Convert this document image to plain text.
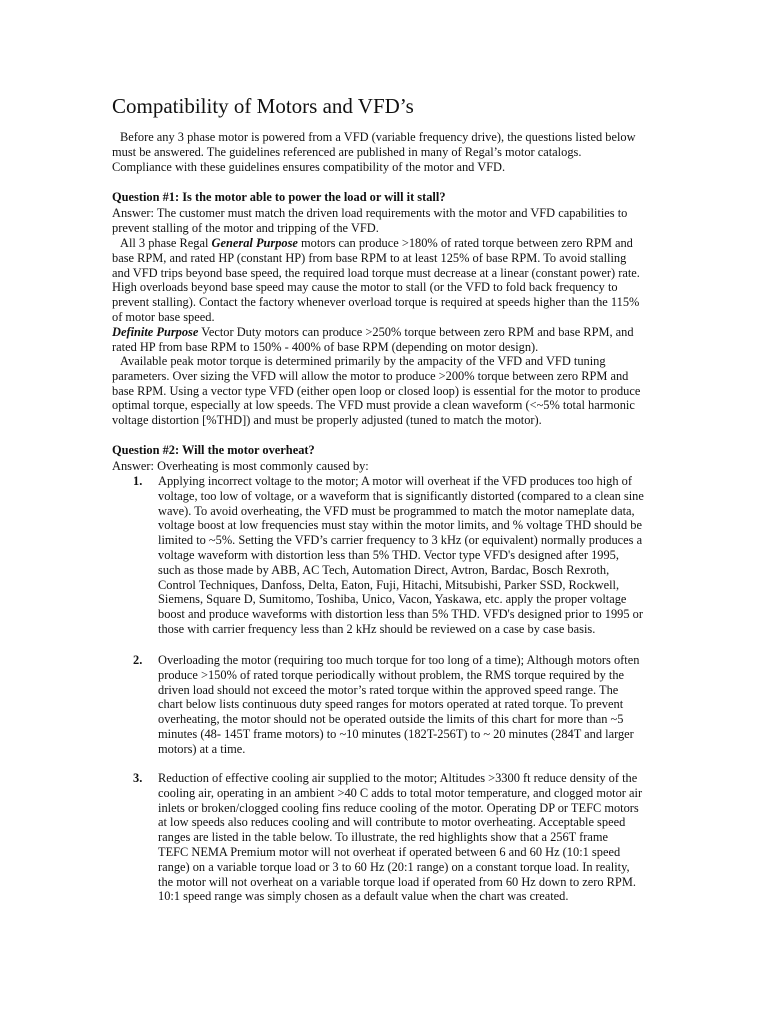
Compatibility of Motors and VFD’s
Before any 3 phase motor is powered from a VFD (variable frequency drive), the questions listed below
must be answered. The guidelines referenced are published in many of Regal’s motor catalogs.
Compliance with these guidelines ensures compatibility of the motor and VFD.
Question #1: Is the motor able to power the load or will it stall?
Answer: The customer must match the driven load requirements with the motor and VFD capabilities to
prevent stalling of the motor and tripping of the VFD.
All 3 phase Regal General Purpose motors can produce >180% of rated torque between zero RPM and
base RPM, and rated HP (constant HP) from base RPM to at least 125% of base RPM. To avoid stalling
and VFD trips beyond base speed, the required load torque must decrease at a linear (constant power) rate.
High overloads beyond base speed may cause the motor to stall (or the VFD to fold back frequency to
prevent stalling). Contact the factory whenever overload torque is required at speeds higher than the 115%
of motor base speed.
Definite Purpose Vector Duty motors can produce >250% torque between zero RPM and base RPM, and
rated HP from base RPM to 150% - 400% of base RPM (depending on motor design).
Available peak motor torque is determined primarily by the ampacity of the VFD and VFD tuning
parameters. Over sizing the VFD will allow the motor to produce >200% torque between zero RPM and
base RPM. Using a vector type VFD (either open loop or closed loop) is essential for the motor to produce
optimal torque, especially at low speeds. The VFD must provide a clean waveform (<~5% total harmonic
voltage distortion [%THD]) and must be properly adjusted (tuned to match the motor).
Question #2: Will the motor overheat?
Answer: Overheating is most commonly caused by:
1. Applying incorrect voltage to the motor; A motor will overheat if the VFD produces too high of
voltage, too low of voltage, or a waveform that is significantly distorted (compared to a clean sine
wave). To avoid overheating, the VFD must be programmed to match the motor nameplate data,
voltage boost at low frequencies must stay within the motor limits, and % voltage THD should be
limited to ~5%. Setting the VFD’s carrier frequency to 3 kHz (or equivalent) normally produces a
voltage waveform with distortion less than 5% THD. Vector type VFD's designed after 1995,
such as those made by ABB, AC Tech, Automation Direct, Avtron, Bardac, Bosch Rexroth,
Control Techniques, Danfoss, Delta, Eaton, Fuji, Hitachi, Mitsubishi, Parker SSD, Rockwell,
Siemens, Square D, Sumitomo, Toshiba, Unico, Vacon, Yaskawa, etc. apply the proper voltage
boost and produce waveforms with distortion less than 5% THD. VFD's designed prior to 1995 or
those with carrier frequency less than 2 kHz should be reviewed on a case by case basis.
2. Overloading the motor (requiring too much torque for too long of a time); Although motors often
produce >150% of rated torque periodically without problem, the RMS torque required by the
driven load should not exceed the motor’s rated torque within the approved speed range. The
chart below lists continuous duty speed ranges for motors operated at rated torque. To prevent
overheating, the motor should not be operated outside the limits of this chart for more than ~5
minutes (48- 145T frame motors) to ~10 minutes (182T-256T) to ~ 20 minutes (284T and larger
motors) at a time.
3. Reduction of effective cooling air supplied to the motor; Altitudes >3300 ft reduce density of the
cooling air, operating in an ambient >40 C adds to total motor temperature, and clogged motor air
inlets or broken/clogged cooling fins reduce cooling of the motor. Operating DP or TEFC motors
at low speeds also reduces cooling and will contribute to motor overheating. Acceptable speed
ranges are listed in the table below. To illustrate, the red highlights show that a 256T frame
TEFC NEMA Premium motor will not overheat if operated between 6 and 60 Hz (10:1 speed
range) on a variable torque load or 3 to 60 Hz (20:1 range) on a constant torque load. In reality,
the motor will not overheat on a variable torque load if operated from 60 Hz down to zero RPM.
10:1 speed range was simply chosen as a default value when the chart was created.
